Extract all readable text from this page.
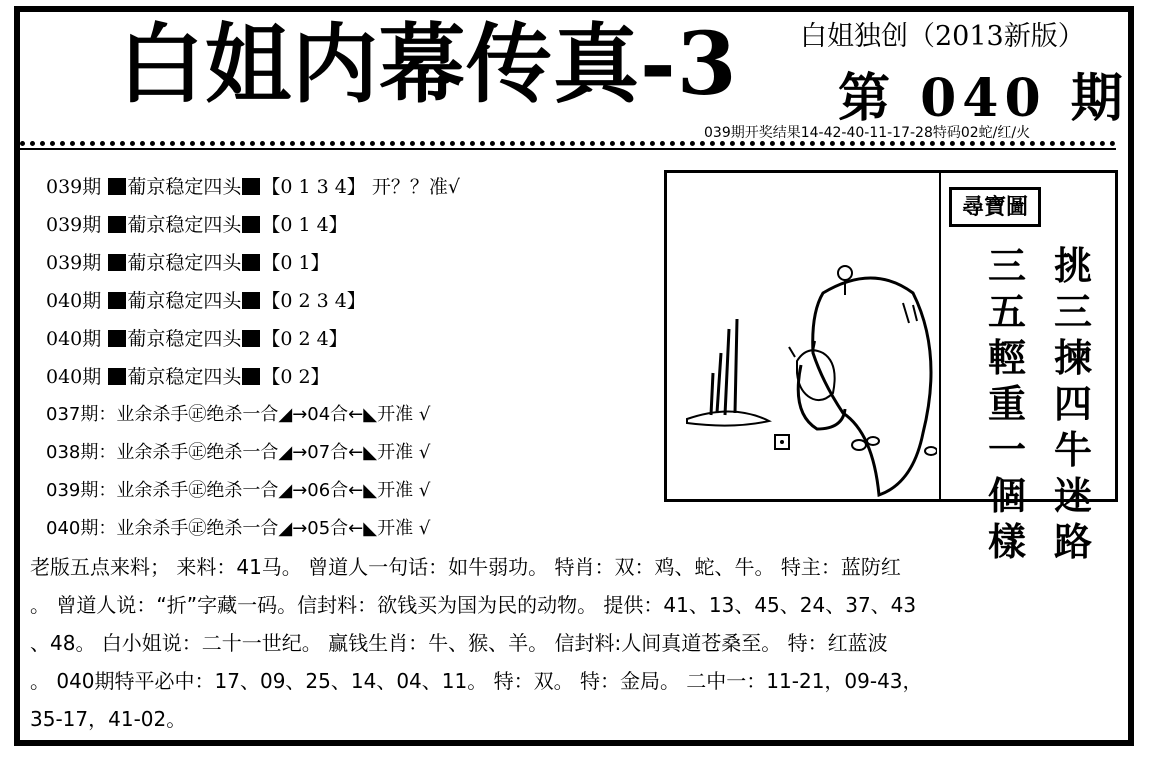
白姐内幕传真-3 白姐独创（2013新版）
第 040 期
039期开奖结果14-42-40-11-17-28特码02蛇/红/火
039期 葡京稳定四头 【0 1 3 4】 开？？准√
039期 葡京稳定四头 【0 1 4】
039期 葡京稳定四头 【0 1】
040期 葡京稳定四头 【0 2 3 4】
040期 葡京稳定四头 【0 2 4】
040期 葡京稳定四头 【0 2】
037期：业余杀手㊣绝杀一合◢→04合←◣开准 √
038期：业余杀手㊣绝杀一合◢→07合←◣开准 √
039期：业余杀手㊣绝杀一合◢→06合←◣开准 √
040期：业余杀手㊣绝杀一合◢→05合←◣开准 √
尋寶圖
挑
三
揀
四
牛
迷
路
三
五
輕
重
一
個
樣

老版五点来料； 来料：41马。 曾道人一句话：如牛弱功。 特肖：双：鸡、蛇、牛。 特主：蓝防红

。 曾道人说：“折”字藏一码。信封料：欲钱买为国为民的动物。 提供：41、13、45、24、37、43

、48。 白小姐说：二十一世纪。 赢钱生肖：牛、猴、羊。 信封料:人间真道苍桑至。 特：红蓝波

。 040期特平必中：17、09、25、14、04、11。 特：双。 特：金局。 二中一：11-21，09-43，

35-17，41-02。
